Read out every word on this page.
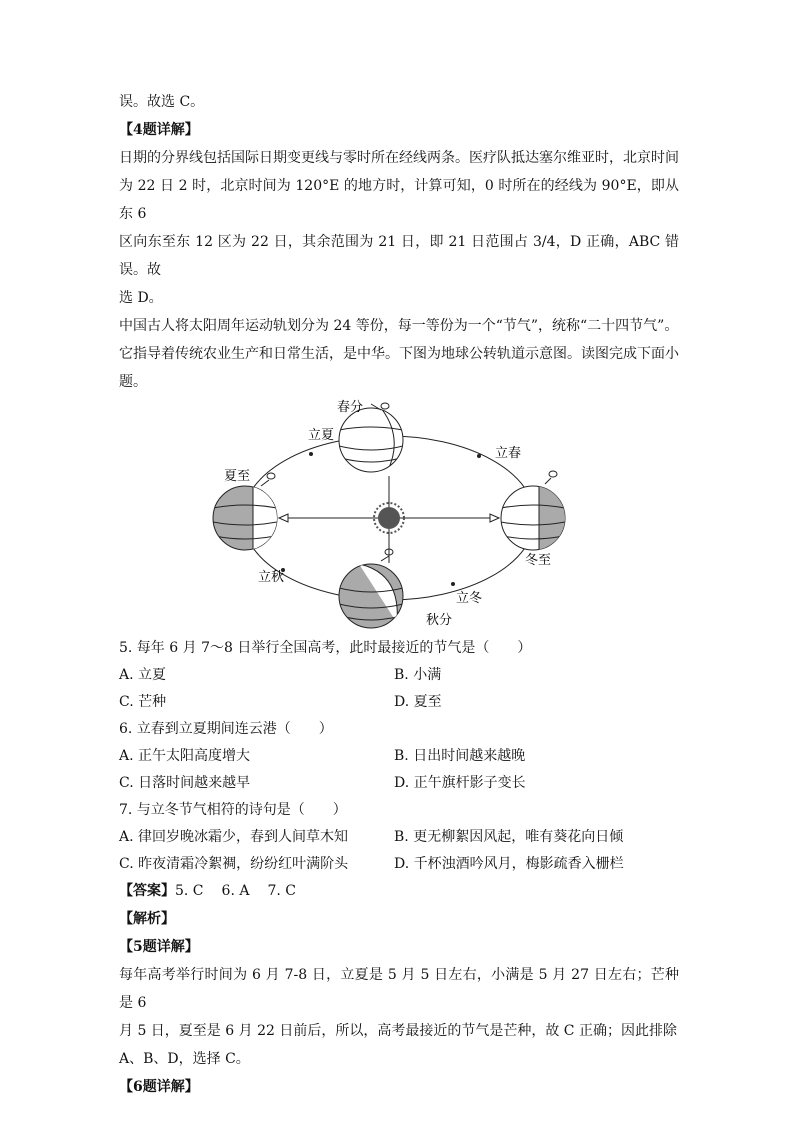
误。故选 C。

【4题详解】

日期的分界线包括国际日期变更线与零时所在经线两条。医疗队抵达塞尔维亚时，北京时间

为 22 日 2 时，北京时间为 120°E 的地方时，计算可知，0 时所在的经线为 90°E，即从东 6

区向东至东 12 区为 22 日，其余范围为 21 日，即 21 日范围占 3/4，D 正确，ABC 错误。故

选 D。

中国古人将太阳周年运动轨划分为 24 等份，每一等份为一个“节气”，统称“二十四节气”。

它指导着传统农业生产和日常生活，是中华。下图为地球公转轨道示意图。读图完成下面小

题。

春分
立夏
立春
夏至
冬至
立秋
立冬
秋分

5. 每年 6 月 7～8 日举行全国高考，此时最接近的节气是（　　）

A. 立夏	B. 小满
C. 芒种	D. 夏至

6. 立春到立夏期间连云港（　　）

A. 正午太阳高度增大	B. 日出时间越来越晚
C. 日落时间越来越早	D. 正午旗杆影子变长

7. 与立冬节气相符的诗句是（　　）

A. 律回岁晚冰霜少，春到人间草木知	B. 更无柳絮因风起，唯有葵花向日倾
C. 昨夜清霜冷絮裯，纷纷红叶满阶头	D. 千杯浊酒吟风月，梅影疏香入栅栏

【答案】5. C 6. A 7. C

【解析】

【5题详解】

每年高考举行时间为 6 月 7-8 日，立夏是 5 月 5 日左右，小满是 5 月 27 日左右；芒种是 6

月 5 日，夏至是 6 月 22 日前后，所以，高考最接近的节气是芒种，故 C 正确；因此排除

A、B、D，选择 C。

【6题详解】
